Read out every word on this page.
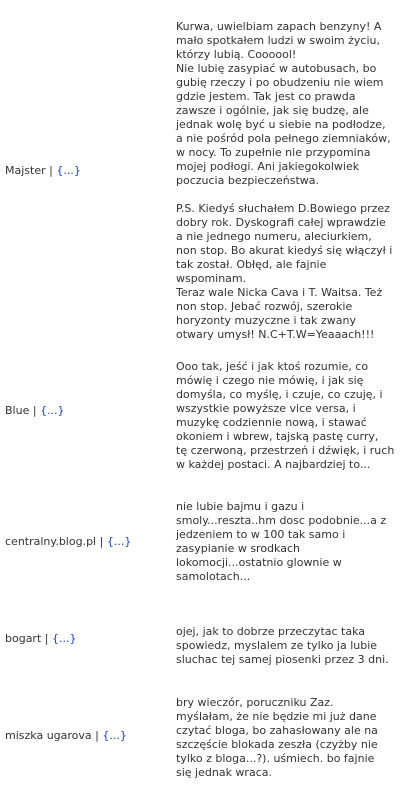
Majster | {...}

Kurwa, uwielbiam zapach benzyny! A

mało spotkałem ludzi w swoim życiu,

którzy lubią. Coooool!

Nie lubię zasypiać w autobusach, bo

gubię rzeczy i po obudzeniu nie wiem

gdzie jestem. Tak jest co prawda

zawsze i ogólnie, jak się budzę, ale

jednak wolę być u siebie na podłodze,

a nie pośród pola pełnego ziemniaków,

w nocy. To zupełnie nie przypomina

mojej podłogi. Ani jakiegokolwiek

poczucia bezpieczeństwa.

P.S. Kiedyś słuchałem D.Bowiego przez

dobry rok. Dyskografi całej wprawdzie

a nie jednego numeru, aleciurkiem,

non stop. Bo akurat kiedyś się włączył i

tak został. Obłęd, ale fajnie

wspominam.

Teraz wale Nicka Cava i T. Waitsa. Też

non stop. Jebać rozwój, szerokie

horyzonty muzyczne i tak zwany

otwary umysł! N.C+T.W=Yeaaach!!!

Blue | {...}

Ooo tak, jeść i jak ktoś rozumie, co

mówię i czego nie mówię, i jak się

domyśla, co myślę, i czuje, co czuję, i

wszystkie powyższe vice versa, i

muzykę codziennie nową, i stawać

okoniem i wbrew, tajską pastę curry,

tę czerwoną, przestrzeń i dźwięk, i ruch

w każdej postaci. A najbardziej to...

centralny.blog.pl | {...}

nie lubie bajmu i gazu i

smoly...reszta..hm dosc podobnie...a z

jedzeniem to w 100 tak samo i

zasypianie w srodkach

lokomocji...ostatnio glownie w

samolotach...

bogart | {...}

ojej, jak to dobrze przeczytac taka

spowiedz, myslalem ze tylko ja lubie

sluchac tej samej piosenki przez 3 dni.

miszka ugarova | {...}

bry wieczór, poruczniku Zaz.

myślałam, że nie będzie mi już dane

czytać bloga, bo zahasłowany ale na

szczęście blokada zeszła (czyżby nie

tylko z bloga...?). uśmiech. bo fajnie

się jednak wraca.
